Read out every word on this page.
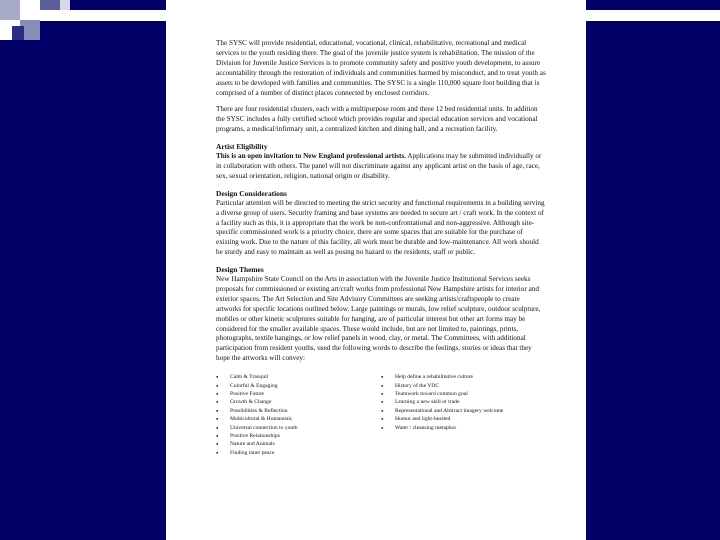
The SYSC will provide residential, educational, vocational, clinical, rehabilitative, recreational and medical services to the youth residing there. The goal of the juvenile justice system is rehabilitation. The mission of the Division for Juvenile Justice Services is to promote community safety and positive youth development, to assure accountability through the restoration of individuals and communities harmed by misconduct, and to treat youth as assets to be developed with families and communities. The SYSC is a single 110,000 square foot building that is comprised of a number of distinct places connected by enclosed corridors.

There are four residential clusters, each with a multipurpose room and three 12 bed residential units. In addition the SYSC includes a fully certified school which provides regular and special education services and vocational programs, a medical/infirmary unit, a centralized kitchen and dining hall, and a recreation facility.

Artist Eligibility

This is an open invitation to New England professional artists. Applications may be submitted individually or in collaboration with others. The panel will not discriminate against any applicant artist on the basis of age, race, sex, sexual orientation, religion, national origin or disability.

Design Considerations

Particular attention will be directed to meeting the strict security and functional requirements in a building serving a diverse group of users. Security framing and base systems are needed to secure art / craft work. In the context of a facility such as this, it is appropriate that the work be non-confrontational and non-aggressive. Although site-specific commissioned work is a priority choice, there are some spaces that are suitable for the purchase of existing work. Due to the nature of this facility, all work must be durable and low-maintenance. All work should be sturdy and easy to maintain as well as posing no hazard to the residents, staff or public.

Design Themes

New Hampshire State Council on the Arts in association with the Juvenile Justice Institutional Services seeks proposals for commissioned or existing art/craft works from professional New Hampshire artists for interior and exterior spaces. The Art Selection and Site Advisory Committees are seeking artists/craftspeople to create artworks for specific locations outlined below. Large paintings or murals, low relief sculpture, outdoor sculpture, mobiles or other kinetic sculptures suitable for hanging, are of particular interest but other art forms may be considered for the smaller available spaces. These would include, but are not limited to, paintings, prints, photographs, textile hangings, or low relief panels in wood, clay, or metal. The Committees, with additional participation from resident youths, used the following words to describe the feelings, stories or ideas that they hope the artworks will convey:

● Calm & Tranquil
● Colorful & Engaging
● Positive Future
● Growth & Change
● Possibilities & Reflection
● Multicultural & Humanistic
● Universal connection to youth
● Positive Relationships
● Nature and Animals
● Finding inner peace
● Help define a rehabilitative culture
● History of the YDC
● Teamwork toward common goal
● Learning a new skill or trade
● Representational and Abstract imagery welcome
● Humor and light-hearted
● Water / cleansing metaphor
